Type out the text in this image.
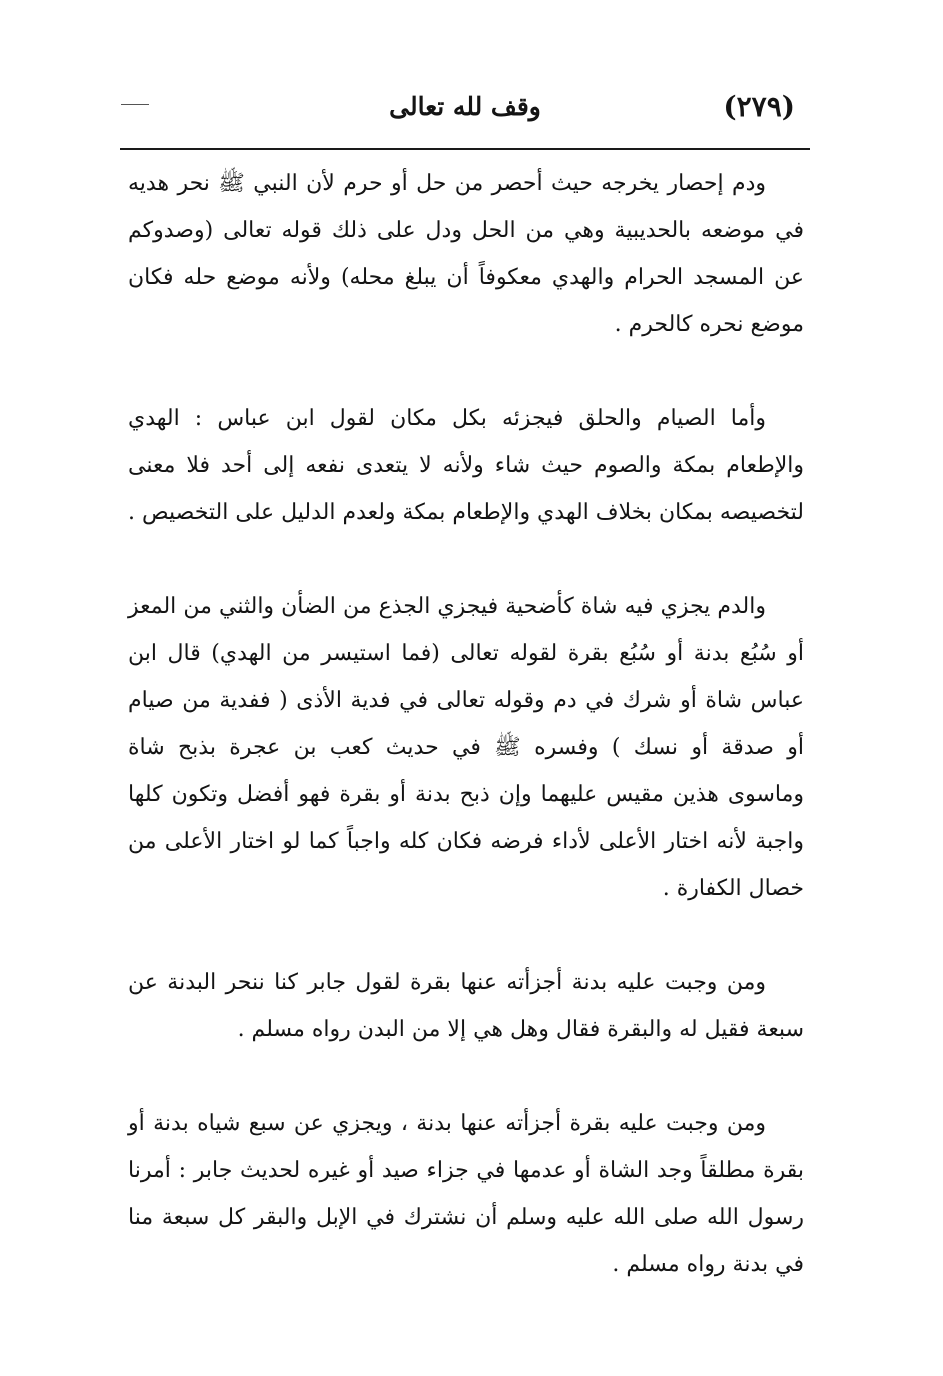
(٢٧٩)
وقف لله تعالى

ودم إحصار يخرجه حيث أحصر من حل أو حرم لأن النبي ﷺ نحر هديه في موضعه بالحديبية وهي من الحل ودل على ذلك قوله تعالى (وصدوكم عن المسجد الحرام والهدي معكوفاً أن يبلغ محله) ولأنه موضع حله فكان موضع نحره كالحرم .

وأما الصيام والحلق فيجزئه بكل مكان لقول ابن عباس : الهدي والإطعام بمكة والصوم حيث شاء ولأنه لا يتعدى نفعه إلى أحد فلا معنى لتخصيصه بمكان بخلاف الهدي والإطعام بمكة ولعدم الدليل على التخصيص .

والدم يجزي فيه شاة كأضحية فيجزي الجذع من الضأن والثني من المعز أو سُبُع بدنة أو سُبُع بقرة لقوله تعالى (فما استيسر من الهدي) قال ابن عباس شاة أو شرك في دم وقوله تعالى في فدية الأذى ( ففدية من صيام أو صدقة أو نسك ) وفسره ﷺ في حديث كعب بن عجرة بذبح شاة وماسوى هذين مقيس عليهما وإن ذبح بدنة أو بقرة فهو أفضل وتكون كلها واجبة لأنه اختار الأعلى لأداء فرضه فكان كله واجباً كما لو اختار الأعلى من خصال الكفارة .

ومن وجبت عليه بدنة أجزأته عنها بقرة لقول جابر كنا ننحر البدنة عن سبعة فقيل له والبقرة فقال وهل هي إلا من البدن رواه مسلم .

ومن وجبت عليه بقرة أجزأته عنها بدنة ، ويجزي عن سبع شياه بدنة أو بقرة مطلقاً وجد الشاة أو عدمها في جزاء صيد أو غيره لحديث جابر : أمرنا رسول الله صلى الله عليه وسلم أن نشترك في الإبل والبقر كل سبعة منا في بدنة رواه مسلم .
